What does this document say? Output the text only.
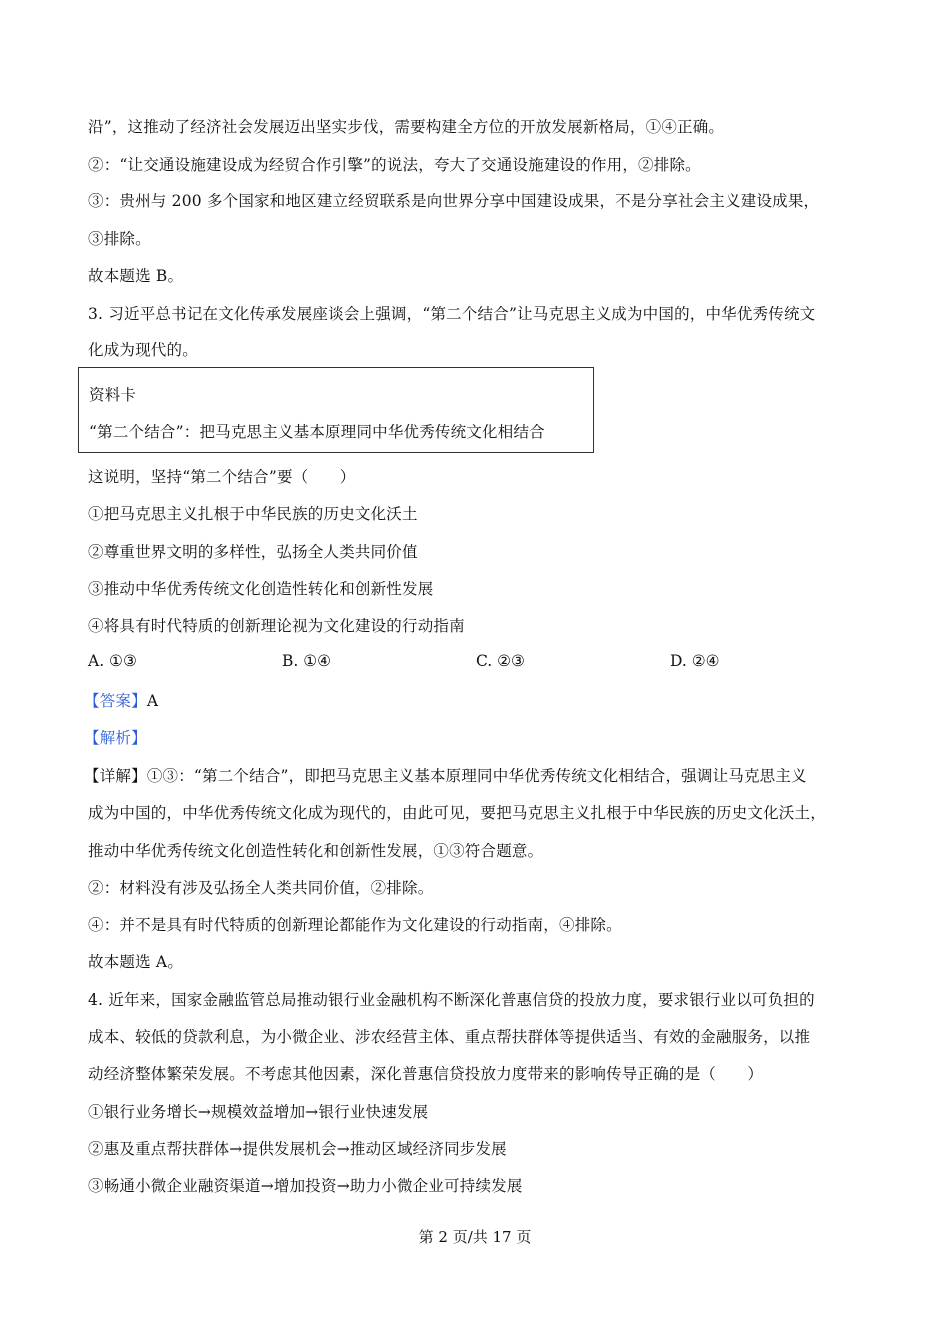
沿”，这推动了经济社会发展迈出坚实步伐，需要构建全方位的开放发展新格局，①④正确。
②：“让交通设施建设成为经贸合作引擎”的说法，夸大了交通设施建设的作用，②排除。
③：贵州与 200 多个国家和地区建立经贸联系是向世界分享中国建设成果，不是分享社会主义建设成果，
③排除。
故本题选 B。
3. 习近平总书记在文化传承发展座谈会上强调，“第二个结合”让马克思主义成为中国的，中华优秀传统文
化成为现代的。
资料卡
“第二个结合”：把马克思主义基本原理同中华优秀传统文化相结合
这说明，坚持“第二个结合”要（　　）
①把马克思主义扎根于中华民族的历史文化沃土
②尊重世界文明的多样性，弘扬全人类共同价值
③推动中华优秀传统文化创造性转化和创新性发展
④将具有时代特质的创新理论视为文化建设的行动指南
A. ①③	B. ①④	C. ②③	D. ②④
【答案】A
【解析】
【详解】①③：“第二个结合”，即把马克思主义基本原理同中华优秀传统文化相结合，强调让马克思主义
成为中国的，中华优秀传统文化成为现代的，由此可见，要把马克思主义扎根于中华民族的历史文化沃土，
推动中华优秀传统文化创造性转化和创新性发展，①③符合题意。
②：材料没有涉及弘扬全人类共同价值，②排除。
④：并不是具有时代特质的创新理论都能作为文化建设的行动指南，④排除。
故本题选 A。
4. 近年来，国家金融监管总局推动银行业金融机构不断深化普惠信贷的投放力度，要求银行业以可负担的
成本、较低的贷款利息，为小微企业、涉农经营主体、重点帮扶群体等提供适当、有效的金融服务，以推
动经济整体繁荣发展。不考虑其他因素，深化普惠信贷投放力度带来的影响传导正确的是（　　）
①银行业务增长→规模效益增加→银行业快速发展
②惠及重点帮扶群体→提供发展机会→推动区域经济同步发展
③畅通小微企业融资渠道→增加投资→助力小微企业可持续发展
第 2 页/共 17 页
